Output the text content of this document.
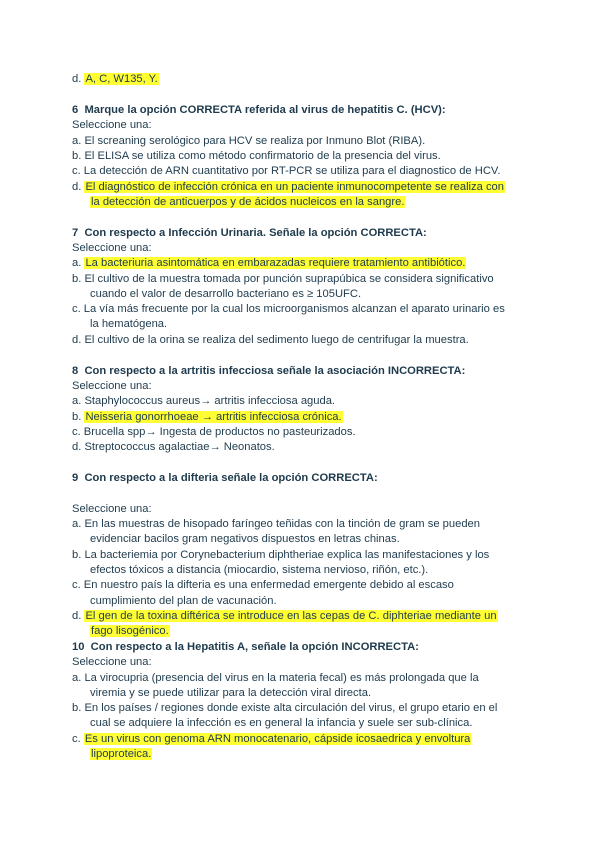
d. A, C, W135, Y.
6 Marque la opción CORRECTA referida al virus de hepatitis C. (HCV):
Seleccione una:
a. El screaning serológico para HCV se realiza por Inmuno Blot (RIBA).
b. El ELISA se utiliza como método confirmatorio de la presencia del virus.
c. La detección de ARN cuantitativo por RT-PCR se utiliza para el diagnostico de HCV.
d. El diagnóstico de infección crónica en un paciente inmunocompetente se realiza con
la detección de anticuerpos y de ácidos nucleicos en la sangre.
7 Con respecto a Infección Urinaria. Señale la opción CORRECTA:
Seleccione una:
a. La bacteriuria asintomática en embarazadas requiere tratamiento antibiótico.
b. El cultivo de la muestra tomada por punción suprapúbica se considera significativo
cuando el valor de desarrollo bacteriano es ≥ 105UFC.
c. La vía más frecuente por la cual los microorganismos alcanzan el aparato urinario es
la hematógena.
d. El cultivo de la orina se realiza del sedimento luego de centrifugar la muestra.
8 Con respecto a la artritis infecciosa señale la asociación INCORRECTA:
Seleccione una:
a. Staphylococcus aureus→ artritis infecciosa aguda.
b. Neisseria gonorrhoeae → artritis infecciosa crónica.
c. Brucella spp→ Ingesta de productos no pasteurizados.
d. Streptococcus agalactiae→ Neonatos.
9 Con respecto a la difteria señale la opción CORRECTA:
Seleccione una:
a. En las muestras de hisopado faríngeo teñidas con la tinción de gram se pueden
evidenciar bacilos gram negativos dispuestos en letras chinas.
b. La bacteriemia por Corynebacterium diphtheriae explica las manifestaciones y los
efectos tóxicos a distancia (miocardio, sistema nervioso, riñón, etc.).
c. En nuestro país la difteria es una enfermedad emergente debido al escaso
cumplimiento del plan de vacunación.
d. El gen de la toxina diftérica se introduce en las cepas de C. diphteriae mediante un
fago lisogénico.
10 Con respecto a la Hepatitis A, señale la opción INCORRECTA:
Seleccione una:
a. La virocupria (presencia del virus en la materia fecal) es más prolongada que la
viremia y se puede utilizar para la detección viral directa.
b. En los países / regiones donde existe alta circulación del virus, el grupo etario en el
cual se adquiere la infección es en general la infancia y suele ser sub-clínica.
c. Es un virus con genoma ARN monocatenario, cápside icosaedrica y envoltura
lipoproteica.
